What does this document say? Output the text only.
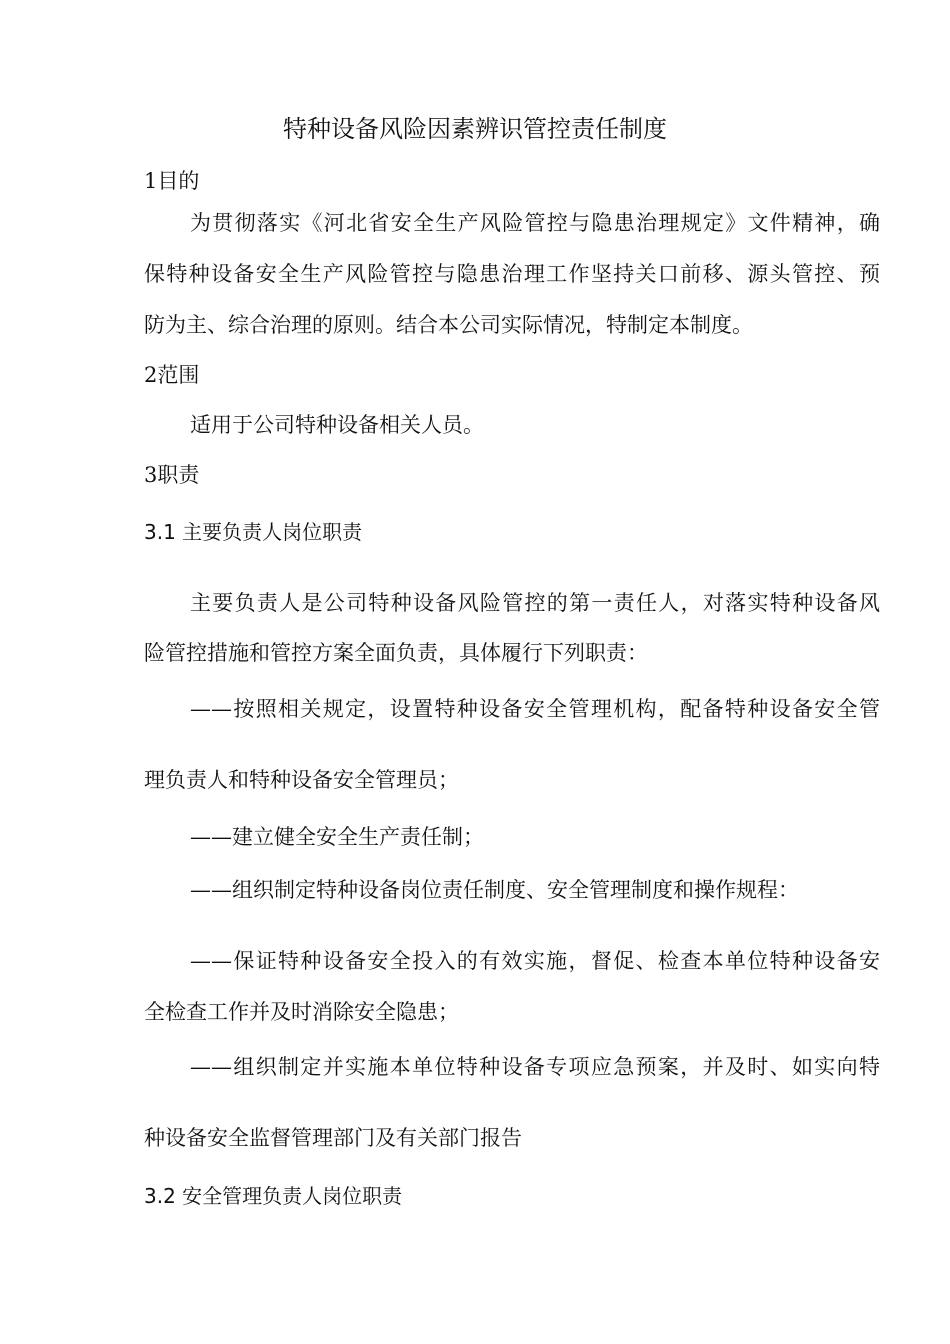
特种设备风险因素辨识管控责任制度
1目的
为贯彻落实《河北省安全生产风险管控与隐患治理规定》文件精神，确
保特种设备安全生产风险管控与隐患治理工作坚持关口前移、源头管控、预
防为主、综合治理的原则。结合本公司实际情况，特制定本制度。
2范围
适用于公司特种设备相关人员。
3职责
3.1 主要负责人岗位职责
主要负责人是公司特种设备风险管控的第一责任人，对落实特种设备风
险管控措施和管控方案全面负责，具体履行下列职责：
——按照相关规定，设置特种设备安全管理机构，配备特种设备安全管
理负责人和特种设备安全管理员；
——建立健全安全生产责任制；
——组织制定特种设备岗位责任制度、安全管理制度和操作规程：
——保证特种设备安全投入的有效实施，督促、检查本单位特种设备安
全检查工作并及时消除安全隐患；
——组织制定并实施本单位特种设备专项应急预案，并及时、如实向特
种设备安全监督管理部门及有关部门报告
3.2 安全管理负责人岗位职责
